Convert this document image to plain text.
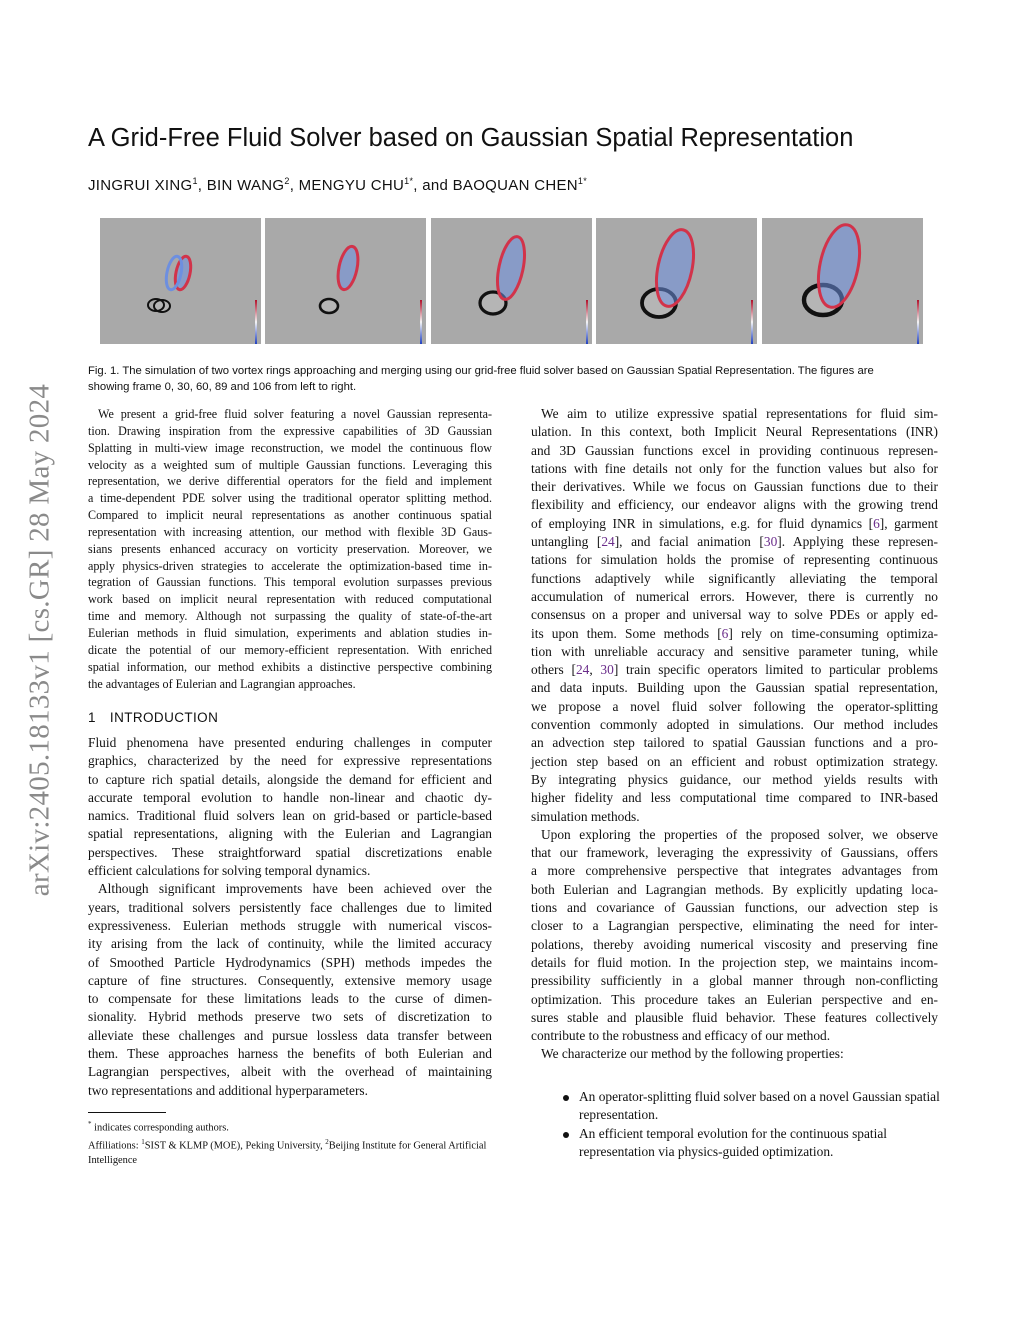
arXiv:2405.18133v1 [cs.GR] 28 May 2024
A Grid-Free Fluid Solver based on Gaussian Spatial Representation
JINGRUI XING$^1$, BIN WANG$^2$, MENGYU $CHU^{1*}$, and BAOQUAN $CHEN^{1*}$
Fig. 1. The simulation of two vortex rings approaching and merging using our grid-free fluid solver based on Gaussian Spatial Representation. The figures are
showing frame 0, 30, 60, 89 and 106 from left to right.
We present a grid-free fluid solver featuring a novel Gaussian representa-
tion. Drawing inspiration from the expressive capabilities of 3D Gaussian
Splatting in multi-view image reconstruction, we model the continuous flow
velocity as a weighted sum of multiple Gaussian functions. Leveraging this
representation, we derive differential operators for the field and implement
a time-dependent PDE solver using the traditional operator splitting method.
Compared to implicit neural representations as another continuous spatial
representation with increasing attention, our method with flexible 3D Gaus-
sians presents enhanced accuracy on vorticity preservation. Moreover, we
apply physics-driven strategies to accelerate the optimization-based time in-
tegration of Gaussian functions. This temporal evolution surpasses previous
work based on implicit neural representation with reduced computational
time and memory. Although not surpassing the quality of state-of-the-art
Eulerian methods in fluid simulation, experiments and ablation studies in-
dicate the potential of our memory-efficient representation. With enriched
spatial information, our method exhibits a distinctive perspective combining
the advantages of Eulerian and Lagrangian approaches.
1 INTRODUCTION
Fluid phenomena have presented enduring challenges in computer
graphics, characterized by the need for expressive representations
to capture rich spatial details, alongside the demand for efficient and
accurate temporal evolution to handle non-linear and chaotic dy-
namics. Traditional fluid solvers lean on grid-based or particle-based
spatial representations, aligning with the Eulerian and Lagrangian
perspectives. These straightforward spatial discretizations enable
efficient calculations for solving temporal dynamics.
Although significant improvements have been achieved over the
years, traditional solvers persistently face challenges due to limited
expressiveness. Eulerian methods struggle with numerical viscos-
ity arising from the lack of continuity, while the limited accuracy
of Smoothed Particle Hydrodynamics (SPH) methods impedes the
capture of fine structures. Consequently, extensive memory usage
to compensate for these limitations leads to the curse of dimen-
sionality. Hybrid methods preserve two sets of discretization to
alleviate these challenges and pursue lossless data transfer between
them. These approaches harness the benefits of both Eulerian and
Lagrangian perspectives, albeit with the overhead of maintaining
two representations and additional hyperparameters.
We aim to utilize expressive spatial representations for fluid sim-
ulation. In this context, both Implicit Neural Representations (INR)
and 3D Gaussian functions excel in providing continuous represen-
tations with fine details not only for the function values but also for
their derivatives. While we focus on Gaussian functions due to their
flexibility and efficiency, our endeavor aligns with the growing trend
of employing INR in simulations, e.g. for fluid dynamics [6], garment
untangling [24], and facial animation [30]. Applying these represen-
tations for simulation holds the promise of representing continuous
functions adaptively while significantly alleviating the temporal
accumulation of numerical errors. However, there is currently no
consensus on a proper and universal way to solve PDEs or apply ed-
its upon them. Some methods [6] rely on time-consuming optimiza-
tion with unreliable accuracy and sensitive parameter tuning, while
others [24, 30] train specific operators limited to particular problems
and data inputs. Building upon the Gaussian spatial representation,
we propose a novel fluid solver following the operator-splitting
convention commonly adopted in simulations. Our method includes
an advection step tailored to spatial Gaussian functions and a pro-
jection step based on an efficient and robust optimization strategy.
By integrating physics guidance, our method yields results with
higher fidelity and less computational time compared to INR-based
simulation methods.
Upon exploring the properties of the proposed solver, we observe
that our framework, leveraging the expressivity of Gaussians, offers
a more comprehensive perspective that integrates advantages from
both Eulerian and Lagrangian methods. By explicitly updating loca-
tions and covariance of Gaussian functions, our advection step is
closer to a Lagrangian perspective, eliminating the need for inter-
polations, thereby avoiding numerical viscosity and preserving fine
details for fluid motion. In the projection step, we maintains incom-
pressibility sufficiently in a global manner through non-conflicting
optimization. This procedure takes an Eulerian perspective and en-
sures stable and plausible fluid behavior. These features collectively
contribute to the robustness and efficacy of our method.
We characterize our method by the following properties:
An operator-splitting fluid solver based on a novel Gaussian spatial representation.
An efficient temporal evolution for the continuous spatial representation via physics-guided optimization.
* indicates corresponding authors.
Affiliations: $^1$SIST & KLMP (MOE), Peking University, $^2$Beijing Institute for General Artificial Intelligence
